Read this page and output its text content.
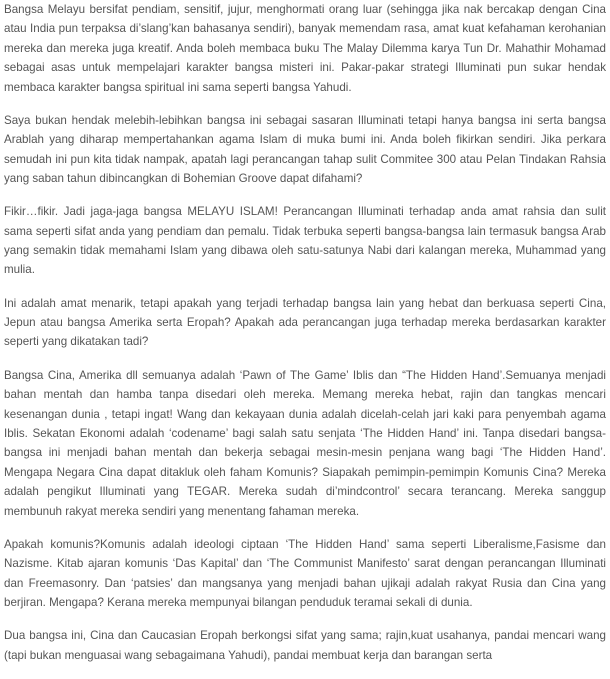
Bangsa Melayu bersifat pendiam, sensitif, jujur, menghormati orang luar (sehingga jika nak bercakap dengan Cina atau India pun terpaksa di’slang’kan bahasanya sendiri), banyak memendam rasa, amat kuat kefahaman kerohanian mereka dan mereka juga kreatif. Anda boleh membaca buku The Malay Dilemma karya Tun Dr. Mahathir Mohamad sebagai asas untuk mempelajari karakter bangsa misteri ini. Pakar-pakar strategi Illuminati pun sukar hendak membaca karakter bangsa spiritual ini sama seperti bangsa Yahudi.

Saya bukan hendak melebih-lebihkan bangsa ini sebagai sasaran Illuminati tetapi hanya bangsa ini serta bangsa Arablah yang diharap mempertahankan agama Islam di muka bumi ini. Anda boleh fikirkan sendiri. Jika perkara semudah ini pun kita tidak nampak, apatah lagi perancangan tahap sulit Commitee 300 atau Pelan Tindakan Rahsia yang saban tahun dibincangkan di Bohemian Groove dapat difahami?

Fikir…fikir. Jadi jaga-jaga bangsa MELAYU ISLAM! Perancangan Illuminati terhadap anda amat rahsia dan sulit sama seperti sifat anda yang pendiam dan pemalu. Tidak terbuka seperti bangsa-bangsa lain termasuk bangsa Arab yang semakin tidak memahami Islam yang dibawa oleh satu-satunya Nabi dari kalangan mereka, Muhammad yang mulia.

Ini adalah amat menarik, tetapi apakah yang terjadi terhadap bangsa lain yang hebat dan berkuasa seperti Cina, Jepun atau bangsa Amerika serta Eropah? Apakah ada perancangan juga terhadap mereka berdasarkan karakter seperti yang dikatakan tadi?

Bangsa Cina, Amerika dll semuanya adalah ‘Pawn of The Game’ Iblis dan “The Hidden Hand’.Semuanya menjadi bahan mentah dan hamba tanpa disedari oleh mereka. Memang mereka hebat, rajin dan tangkas mencari kesenangan dunia , tetapi ingat! Wang dan kekayaan dunia adalah dicelah-celah jari kaki para penyembah agama Iblis. Sekatan Ekonomi adalah ‘codename’ bagi salah satu senjata ‘The Hidden Hand’ ini. Tanpa disedari bangsa-bangsa ini menjadi bahan mentah dan bekerja sebagai mesin-mesin penjana wang bagi ‘The Hidden Hand’. Mengapa Negara Cina dapat ditakluk oleh faham Komunis? Siapakah pemimpin-pemimpin Komunis Cina? Mereka adalah pengikut Illuminati yang TEGAR. Mereka sudah di’mindcontrol’ secara terancang. Mereka sanggup membunuh rakyat mereka sendiri yang menentang fahaman mereka.

Apakah komunis?Komunis adalah ideologi ciptaan ‘The Hidden Hand’ sama seperti Liberalisme,Fasisme dan Nazisme. Kitab ajaran komunis ‘Das Kapital’ dan ‘The Communist Manifesto’ sarat dengan perancangan Illuminati dan Freemasonry. Dan ‘patsies’ dan mangsanya yang menjadi bahan ujikaji adalah rakyat Rusia dan Cina yang berjiran. Mengapa? Kerana mereka mempunyai bilangan penduduk teramai sekali di dunia.

Dua bangsa ini, Cina dan Caucasian Eropah berkongsi sifat yang sama; rajin,kuat usahanya, pandai mencari wang (tapi bukan menguasai wang sebagaimana Yahudi), pandai membuat kerja dan barangan serta
